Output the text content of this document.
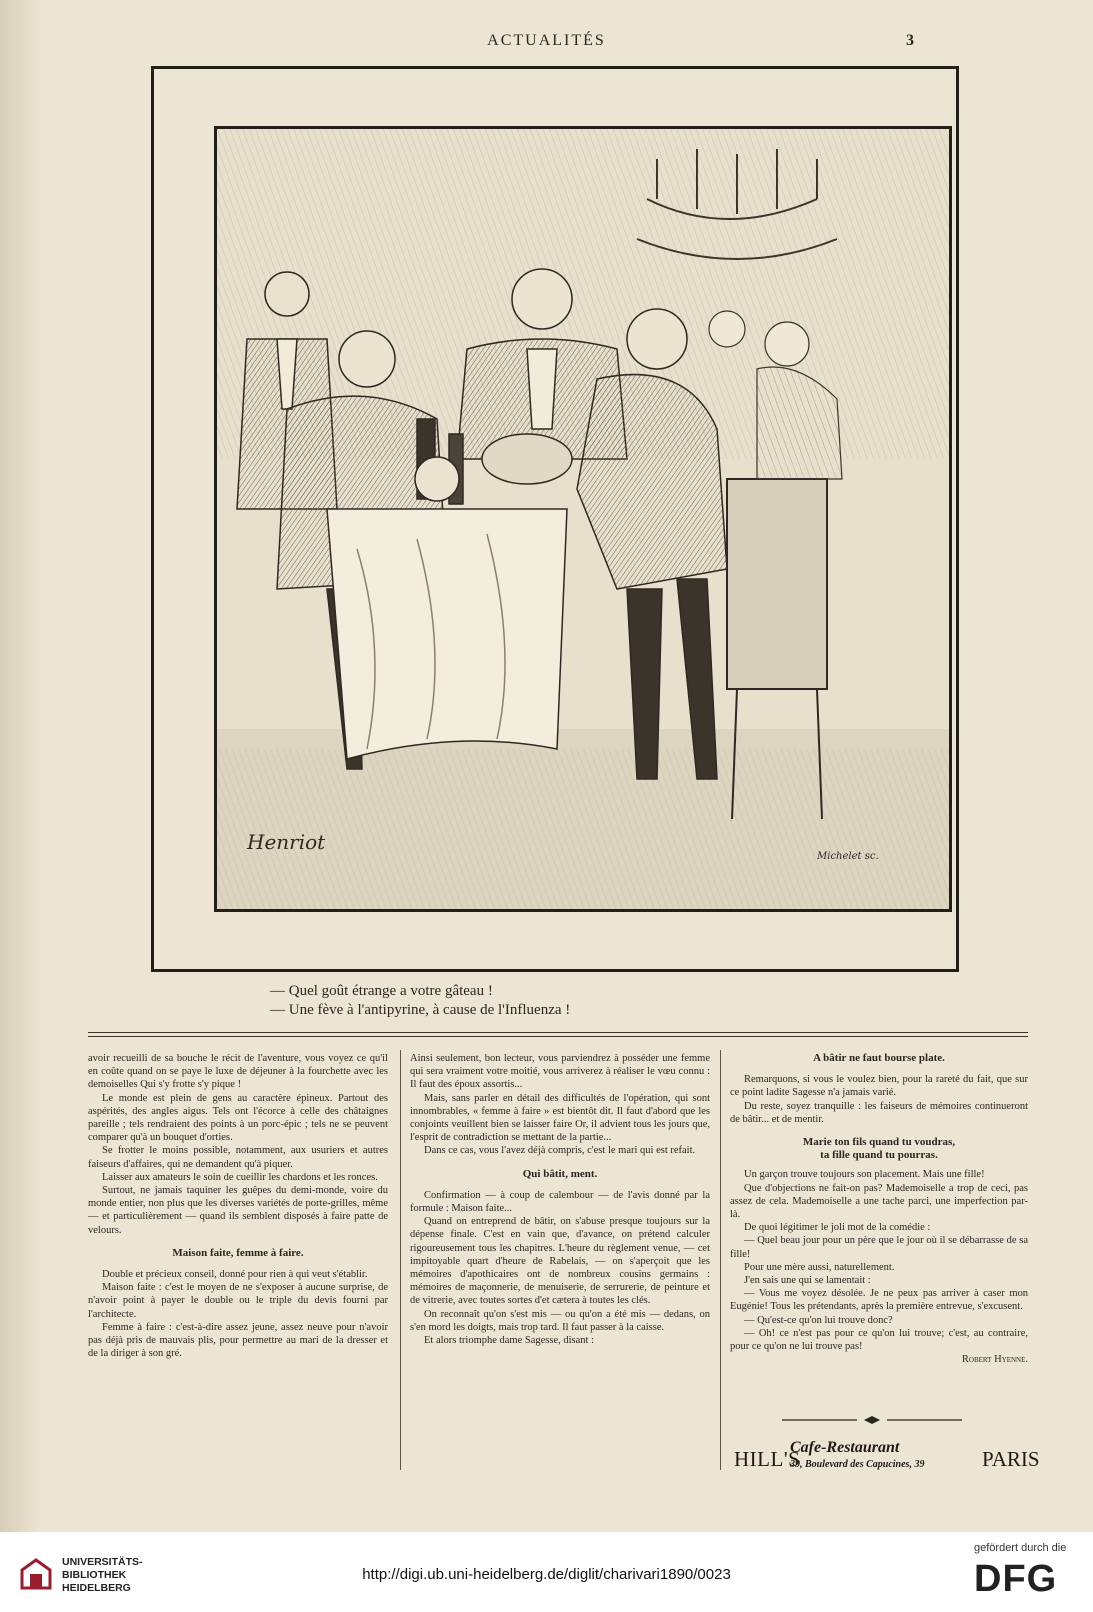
ACTUALITÉS	3
Henriot
Michelet sc.
— Quel goût étrange a votre gâteau !
— Une fève à l'antipyrine, à cause de l'Influenza !

avoir recueilli de sa bouche le récit de l'aventure, vous voyez ce qu'il en coûte quand on se paye le luxe de déjeuner à la fourchette avec les demoiselles Qui s'y frotte s'y pique !

Le monde est plein de gens au caractère épineux. Partout des aspérités, des angles aigus. Tels ont l'écorce à celle des châtaignes pareille ; tels rendraient des points à un porc-épic ; tels ne se peuvent comparer qu'à un bouquet d'orties.

Se frotter le moins possible, notamment, aux usuriers et autres faiseurs d'affaires, qui ne demandent qu'à piquer.

Laisser aux amateurs le soin de cueillir les chardons et les ronces.

Surtout, ne jamais taquiner les guêpes du demi-monde, voire du monde entier, non plus que les diverses variétés de porte-grilles, même — et particulièrement — quand ils semblent disposés à faire patte de velours.

Maison faite, femme à faire.

Double et précieux conseil, donné pour rien à qui veut s'établir.

Maison faite : c'est le moyen de ne s'exposer à aucune surprise, de n'avoir point à payer le double ou le triple du devis fourni par l'architecte.

Femme à faire : c'est-à-dire assez jeune, assez neuve pour n'avoir pas déjà pris de mauvais plis, pour permettre au mari de la dresser et de la diriger à son gré.

Ainsi seulement, bon lecteur, vous parviendrez à posséder une femme qui sera vraiment votre moitié, vous arriverez à réaliser le vœu connu : Il faut des époux assortis...

Mais, sans parler en détail des difficultés de l'opération, qui sont innombrables, « femme à faire » est bientôt dit. Il faut d'abord que les conjoints veuillent bien se laisser faire Or, il advient tous les jours que, l'esprit de contradiction se mettant de la partie...

Dans ce cas, vous l'avez déjà compris, c'est le mari qui est refait.

Qui bâtit, ment.

Confirmation — à coup de calembour — de l'avis donné par la formule : Maison faite...

Quand on entreprend de bâtir, on s'abuse presque toujours sur la dépense finale. C'est en vain que, d'avance, on prétend calculer rigoureusement tous les chapitres. L'heure du règlement venue, — cet impitoyable quart d'heure de Rabelais, — on s'aperçoit que les mémoires d'apothicaires ont de nombreux cousins germains : mémoires de maçonnerie, de menuiserie, de serrurerie, de peinture et de vitrerie, avec toutes sortes d'et cætera à toutes les clés.

On reconnaît qu'on s'est mis — ou qu'on a été mis — dedans, on s'en mord les doigts, mais trop tard. Il faut passer à la caisse.

Et alors triomphe dame Sagesse, disant :

A bâtir ne faut bourse plate.

Remarquons, si vous le voulez bien, pour la rareté du fait, que sur ce point ladite Sagesse n'a jamais varié.

Du reste, soyez tranquille : les faiseurs de mémoires continueront de bâtir... et de mentir.

Marie ton fils quand tu voudras,
ta fille quand tu pourras.

Un garçon trouve toujours son placement. Mais une fille!

Que d'objections ne fait-on pas? Mademoiselle a trop de ceci, pas assez de cela. Mademoiselle a une tache parci, une imperfection par-là.

De quoi légitimer le joli mot de la comédie :

— Quel beau jour pour un père que le jour où il se débarrasse de sa fille!

Pour une mère aussi, naturellement.

J'en sais une qui se lamentait :

— Vous me voyez désolée. Je ne peux pas arriver à caser mon Eugénie! Tous les prétendants, après la première entrevue, s'excusent.

— Qu'est-ce qu'on lui trouve donc?

— Oh! ce n'est pas pour ce qu'on lui trouve; c'est, au contraire, pour ce qu'on ne lui trouve pas!

Robert Hyenne.

HILL'S
Cafe-Restaurant
39, Boulevard des Capucines, 39	PARIS
UNIVERSITÄTS-
BIBLIOTHEK
HEIDELBERG
http://digi.ub.uni-heidelberg.de/diglit/charivari1890/0023
gefördert durch die
DFG
